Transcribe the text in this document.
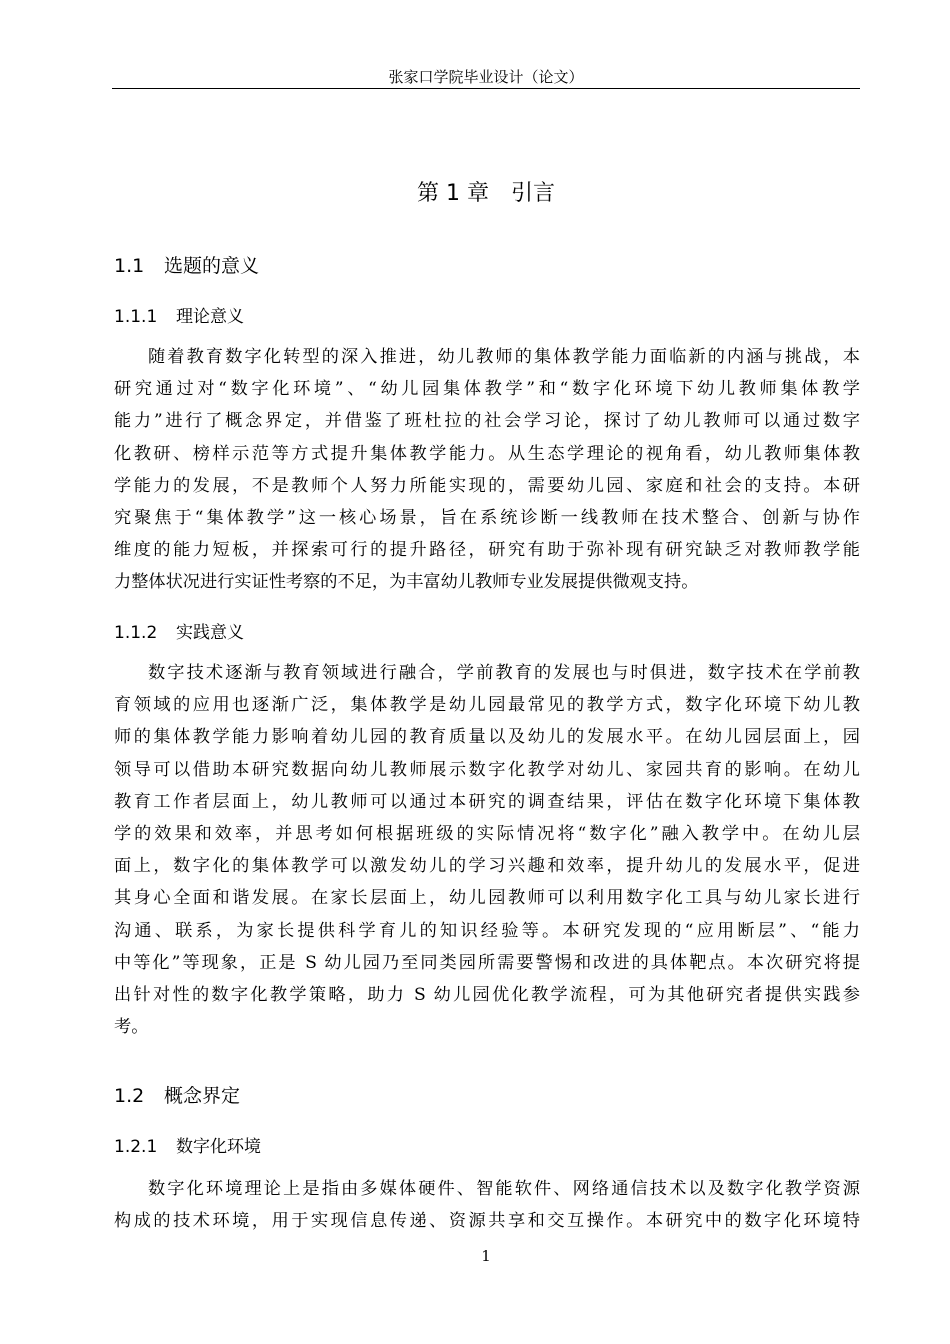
张家口学院毕业设计（论文）
第 1 章　引言
1.1 选题的意义
1.1.1 理论意义
随着教育数字化转型的深入推进，幼儿教师的集体教学能力面临新的内涵与挑战，本
研究通过对“数字化环境”、“幼儿园集体教学”和“数字化环境下幼儿教师集体教学
能力”进行了概念界定，并借鉴了班杜拉的社会学习论，探讨了幼儿教师可以通过数字
化教研、榜样示范等方式提升集体教学能力。从生态学理论的视角看，幼儿教师集体教
学能力的发展，不是教师个人努力所能实现的，需要幼儿园、家庭和社会的支持。本研
究聚焦于“集体教学”这一核心场景，旨在系统诊断一线教师在技术整合、创新与协作
维度的能力短板，并探索可行的提升路径，研究有助于弥补现有研究缺乏对教师教学能
力整体状况进行实证性考察的不足，为丰富幼儿教师专业发展提供微观支持。
1.1.2 实践意义
数字技术逐渐与教育领域进行融合，学前教育的发展也与时俱进，数字技术在学前教
育领域的应用也逐渐广泛，集体教学是幼儿园最常见的教学方式，数字化环境下幼儿教
师的集体教学能力影响着幼儿园的教育质量以及幼儿的发展水平。在幼儿园层面上，园
领导可以借助本研究数据向幼儿教师展示数字化教学对幼儿、家园共育的影响。在幼儿
教育工作者层面上，幼儿教师可以通过本研究的调查结果，评估在数字化环境下集体教
学的效果和效率，并思考如何根据班级的实际情况将“数字化”融入教学中。在幼儿层
面上，数字化的集体教学可以激发幼儿的学习兴趣和效率，提升幼儿的发展水平，促进
其身心全面和谐发展。在家长层面上，幼儿园教师可以利用数字化工具与幼儿家长进行
沟通、联系，为家长提供科学育儿的知识经验等。本研究发现的“应用断层”、“能力
中等化”等现象，正是 S 幼儿园乃至同类园所需要警惕和改进的具体靶点。本次研究将提
出针对性的数字化教学策略，助力 S 幼儿园优化教学流程，可为其他研究者提供实践参
考。
1.2 概念界定
1.2.1 数字化环境
数字化环境理论上是指由多媒体硬件、智能软件、网络通信技术以及数字化教学资源
构成的技术环境，用于实现信息传递、资源共享和交互操作。本研究中的数字化环境特
1
